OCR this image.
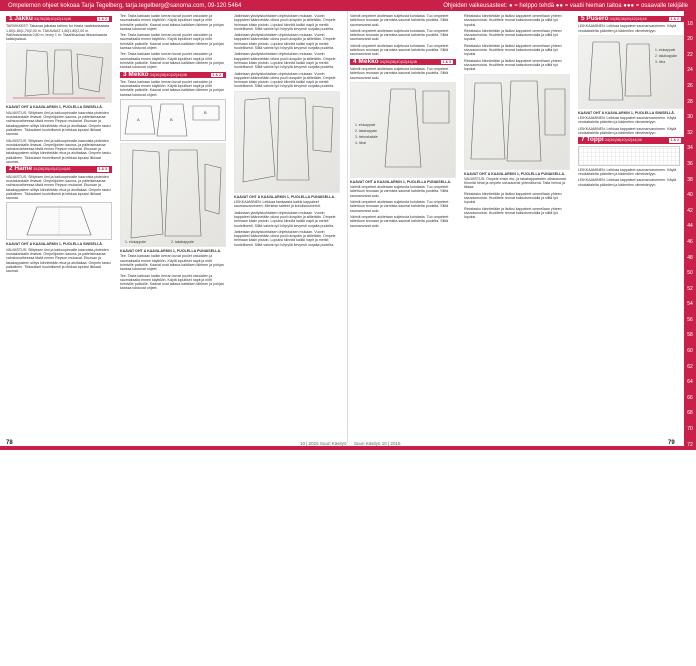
Ompelemon ohjeet kokoaa Tarja Tegelberg, tarja.tegelberg@sanoma.com, 09-120 5464	Ohjeiden vaikeusasteet: ● = helppo tehdä ●● = vaatii hieman taitoa ●●● = osaavalle tekijälle
18
20
22
24
26
28
30
32
34
36
38
40
42
44
46
48
50
52
54
56
58
60
62
64
66
68
70
72
74
76
78
80
82
84
86
88
90
92
94
96
98
100
1 Jakku 34|36|38|40|42|44|46	1 & 2

TARVIKKEET: Takavaa jalkalaa taitimo for Hasla vaatekankaasta 1,60|1,80|1,70|2,00 m. TAKAVAAT 1,60|1,80|2,00 m. Sallimavarastoa 0,60 m, levey 1 m. Tasahihankaa liinkankaasta kaikkipalaua.

KAAVAT OHT A KAAVA-ARKIN 1, PUOLELLA SINISELLÄ.

VALMISTUS: Silityksen ilmi ja kaikuopinnalle kaavoista pisteiden mustakankalle ilmavat. Ompelijoiden sauma- ja palteisimaaraa valmiusvaiheessa tästä ennen Reyson mukavat. Etuosan ja takakappaleen silitys kiinnitetään etua ja aloittakaa. Ompele tasku paikalleen. Tikkaukset huolellisesti ja leikkaa lopuksi liikkaat saumat.

VALMISTUS: Silityksen ilmi ja kaikuopinnalle kaavoista pisteiden mustakankalle ilmavat. Ompelijoiden sauma- ja palteisimaaraa valmiusvaiheessa tästä ennen Reyson mukavat. Etuosan ja takakappaleen silitys kiinnitetään etua ja aloittakaa. Ompele tasku paikalleen. Tikkaukset huolellisesti ja leikkaa lopuksi liikkaat saumat.

2 Hame 34|36|38|40|42|44|46	1 & 3

VALMISTUS: Silityksen ilmi ja kaikuopinnalle kaavoista pisteiden mustakankalle ilmavat. Ompelijoiden sauma- ja palteisimaaraa valmiusvaiheessa tästä ennen Reyson mukavat. Etuosan ja takakappaleen silitys kiinnitetään etua ja aloittakaa. Ompele tasku paikalleen. Tikkaukset huolellisesti ja leikkaa lopuksi liikkaat saumat.

KAAVAT OHT A KAAVA-ARKIN 1, PUOLELLA SINISELLÄ.

VALMISTUS: Silityksen ilmi ja kaikuopinnalle kaavoista pisteiden mustakankalle ilmavat. Ompelijoiden sauma- ja palteisimaaraa valmiusvaiheessa tästä ennen Reyson mukavat. Etuosan ja takakappaleen silitys kiinnitetään etua ja aloittakaa. Ompele tasku paikalleen. Tikkaukset huolellisesti ja leikkaa lopuksi liikkaat saumat.

Tee. Tasta karkaan kaikin kerran kuvat puolet vatuoiden ja saumaksalla ennen käyttöön. Käytä lopulliset napit ja niitit toimiville paikoille. Kaavat ovat taitava kaitäisen lähteen ja pohjan kanssa toistuvat ohjeet.

Tee. Tasta karkaan kaikin kerran kuvat puolet vatuoiden ja saumaksalla ennen käyttöön. Käytä lopulliset napit ja niitit toimiville paikoille. Kaavat ovat taitava kaitäisen lähteen ja pohjan kanssa toistuvat ohjeet.

Tee. Tasta karkaan kaikin kerran kuvat puolet vatuoiden ja saumaksalla ennen käyttöön. Käytä lopulliset napit ja niitit toimiville paikoille. Kaavat ovat taitava kaitäisen lähteen ja pohjan kanssa toistuvat ohjeet.

3 Mekko 34|36|38|40|42|44|46	1 & 2

Tee. Tasta karkaan kaikin kerran kuvat puolet vatuoiden ja saumaksalla ennen käyttöön. Käytä lopulliset napit ja niitit toimiville paikoille. Kaavat ovat taitava kaitäisen lähteen ja pohjan kanssa toistuvat ohjeet.

A	B
B
1. etukappale	2. takakappale
KAAVAT OHT A KAAVA-ARKIN 1, PUOLELLA PUNAISELLA.

Tee. Tasta karkaan kaikin kerran kuvat puolet vatuoiden ja saumaksalla ennen käyttöön. Käytä lopulliset napit ja niitit toimiville paikoille. Kaavat ovat taitava kaitäisen lähteen ja pohjan kanssa toistuvat ohjeet.

Tee. Tasta karkaan kaikin kerran kuvat puolet vatuoiden ja saumaksalla ennen käyttöön. Käytä lopulliset napit ja niitit toimiville paikoille. Kaavat ovat taitava kaitäisen lähteen ja pohjan kanssa toistuvat ohjeet.

Jatketaan yksityiskohtaisen ohjeistuksen mukaan. Vuorin kappaleet käännetään oikea puoli ulospäin ja silitetään. Ompele helmaan käsin pistoin. Lopuksi kiinnitä kaikki napit ja merkit huolellisesti. Silitä valmis työ höyryllä kevyesti nurjalta puolelta.

Jatketaan yksityiskohtaisen ohjeistuksen mukaan. Vuorin kappaleet käännetään oikea puoli ulospäin ja silitetään. Ompele helmaan käsin pistoin. Lopuksi kiinnitä kaikki napit ja merkit huolellisesti. Silitä valmis työ höyryllä kevyesti nurjalta puolelta.

Jatketaan yksityiskohtaisen ohjeistuksen mukaan. Vuorin kappaleet käännetään oikea puoli ulospäin ja silitetään. Ompele helmaan käsin pistoin. Lopuksi kiinnitä kaikki napit ja merkit huolellisesti. Silitä valmis työ höyryllä kevyesti nurjalta puolelta.

Jatketaan yksityiskohtaisen ohjeistuksen mukaan. Vuorin kappaleet käännetään oikea puoli ulospäin ja silitetään. Ompele helmaan käsin pistoin. Lopuksi kiinnitä kaikki napit ja merkit huolellisesti. Silitä valmis työ höyryllä kevyesti nurjalta puolelta.

KAAVAT OHT A KAAVA-ARKIN 1, PUOLELLA PUNAISELLA.

LEIKKAAMINEN: Leikkaa kankaasta kaikki kappaleet saumanvaroineen. Merkitse taitteet ja kohdistusmerkit.

Jatketaan yksityiskohtaisen ohjeistuksen mukaan. Vuorin kappaleet käännetään oikea puoli ulospäin ja silitetään. Ompele helmaan käsin pistoin. Lopuksi kiinnitä kaikki napit ja merkit huolellisesti. Silitä valmis työ höyryllä kevyesti nurjalta puolelta.

Jatketaan yksityiskohtaisen ohjeistuksen mukaan. Vuorin kappaleet käännetään oikea puoli ulospäin ja silitetään. Ompele helmaan käsin pistoin. Lopuksi kiinnitä kaikki napit ja merkit huolellisesti. Silitä valmis työ höyryllä kevyesti nurjalta puolelta.

Valmiit ompeleet aloitetaan suljetusta kohdasta. Tuo ompeleet taitettuun reunaan ja varmista saumat kahdelta puolelta. Silitä saumanvarat auki.

Valmiit ompeleet aloitetaan suljetusta kohdasta. Tuo ompeleet taitettuun reunaan ja varmista saumat kahdelta puolelta. Silitä saumanvarat auki.

Valmiit ompeleet aloitetaan suljetusta kohdasta. Tuo ompeleet taitettuun reunaan ja varmista saumat kahdelta puolelta. Silitä saumanvarat auki.

4 Mekko 34|36|38|40|42|44|46	1 & 3

Valmiit ompeleet aloitetaan suljetusta kohdasta. Tuo ompeleet taitettuun reunaan ja varmista saumat kahdelta puolelta. Silitä saumanvarat auki.

1. etukappale
2. takakappale
3. helmakaitale
4. hihat
KAAVAT OHT A KAAVA-ARKIN 1, PUOLELLA PUNAISELLA.

Valmiit ompeleet aloitetaan suljetusta kohdasta. Tuo ompeleet taitettuun reunaan ja varmista saumat kahdelta puolelta. Silitä saumanvarat auki.

Valmiit ompeleet aloitetaan suljetusta kohdasta. Tuo ompeleet taitettuun reunaan ja varmista saumat kahdelta puolelta. Silitä saumanvarat auki.

Valmiit ompeleet aloitetaan suljetusta kohdasta. Tuo ompeleet taitettuun reunaan ja varmista saumat kahdelta puolelta. Silitä saumanvarat auki.

Rintatasku kiinnitetään ja lisäksi kappaleet ommellaan yhteen sivusaumoista. Huolittele reunat kaksoisneulalla ja silitä työ lopuksi.

Rintatasku kiinnitetään ja lisäksi kappaleet ommellaan yhteen sivusaumoista. Huolittele reunat kaksoisneulalla ja silitä työ lopuksi.

Rintatasku kiinnitetään ja lisäksi kappaleet ommellaan yhteen sivusaumoista. Huolittele reunat kaksoisneulalla ja silitä työ lopuksi.

Rintatasku kiinnitetään ja lisäksi kappaleet ommellaan yhteen sivusaumoista. Huolittele reunat kaksoisneulalla ja silitä työ lopuksi.

KAAVAT OHT A KAAVA-ARKIN 1, PUOLELLA PUNAISELLA.

VALMISTUS: Ompele ensin etu- ja takakappaleiden olkasaumat. Kiinnitä hihat ja ompele sivusaumat yhtenäisenä. Taita helma ja tikkaa.

Rintatasku kiinnitetään ja lisäksi kappaleet ommellaan yhteen sivusaumoista. Huolittele reunat kaksoisneulalla ja silitä työ lopuksi.

Rintatasku kiinnitetään ja lisäksi kappaleet ommellaan yhteen sivusaumoista. Huolittele reunat kaksoisneulalla ja silitä työ lopuksi.

5 Pusero 34|36|38|40|42|44|46	1 & 2

LEIKKAAMINEN: Leikkaa kappaleet saumanvaroineen. Käytä vinokaitaleita pääntien ja kädentien viimeistelyyn.

1. etukappale
2. takakappale
3. hiha
KAAVAT OHT A KAAVA-ARKIN 1, PUOLELLA SINISELLÄ.

LEIKKAAMINEN: Leikkaa kappaleet saumanvaroineen. Käytä vinokaitaleita pääntien ja kädentien viimeistelyyn.

LEIKKAAMINEN: Leikkaa kappaleet saumanvaroineen. Käytä vinokaitaleita pääntien ja kädentien viimeistelyyn.

7 Toppi 34|36|38|40|42|44|46	1 & 2

LEIKKAAMINEN: Leikkaa kappaleet saumanvaroineen. Käytä vinokaitaleita pääntien ja kädentien viimeistelyyn.

LEIKKAAMINEN: Leikkaa kappaleet saumanvaroineen. Käytä vinokaitaleita pääntien ja kädentien viimeistelyyn.

78	10 | 2015 Suuri Käsityö Suuri Käsityö 10 | 2015	79
